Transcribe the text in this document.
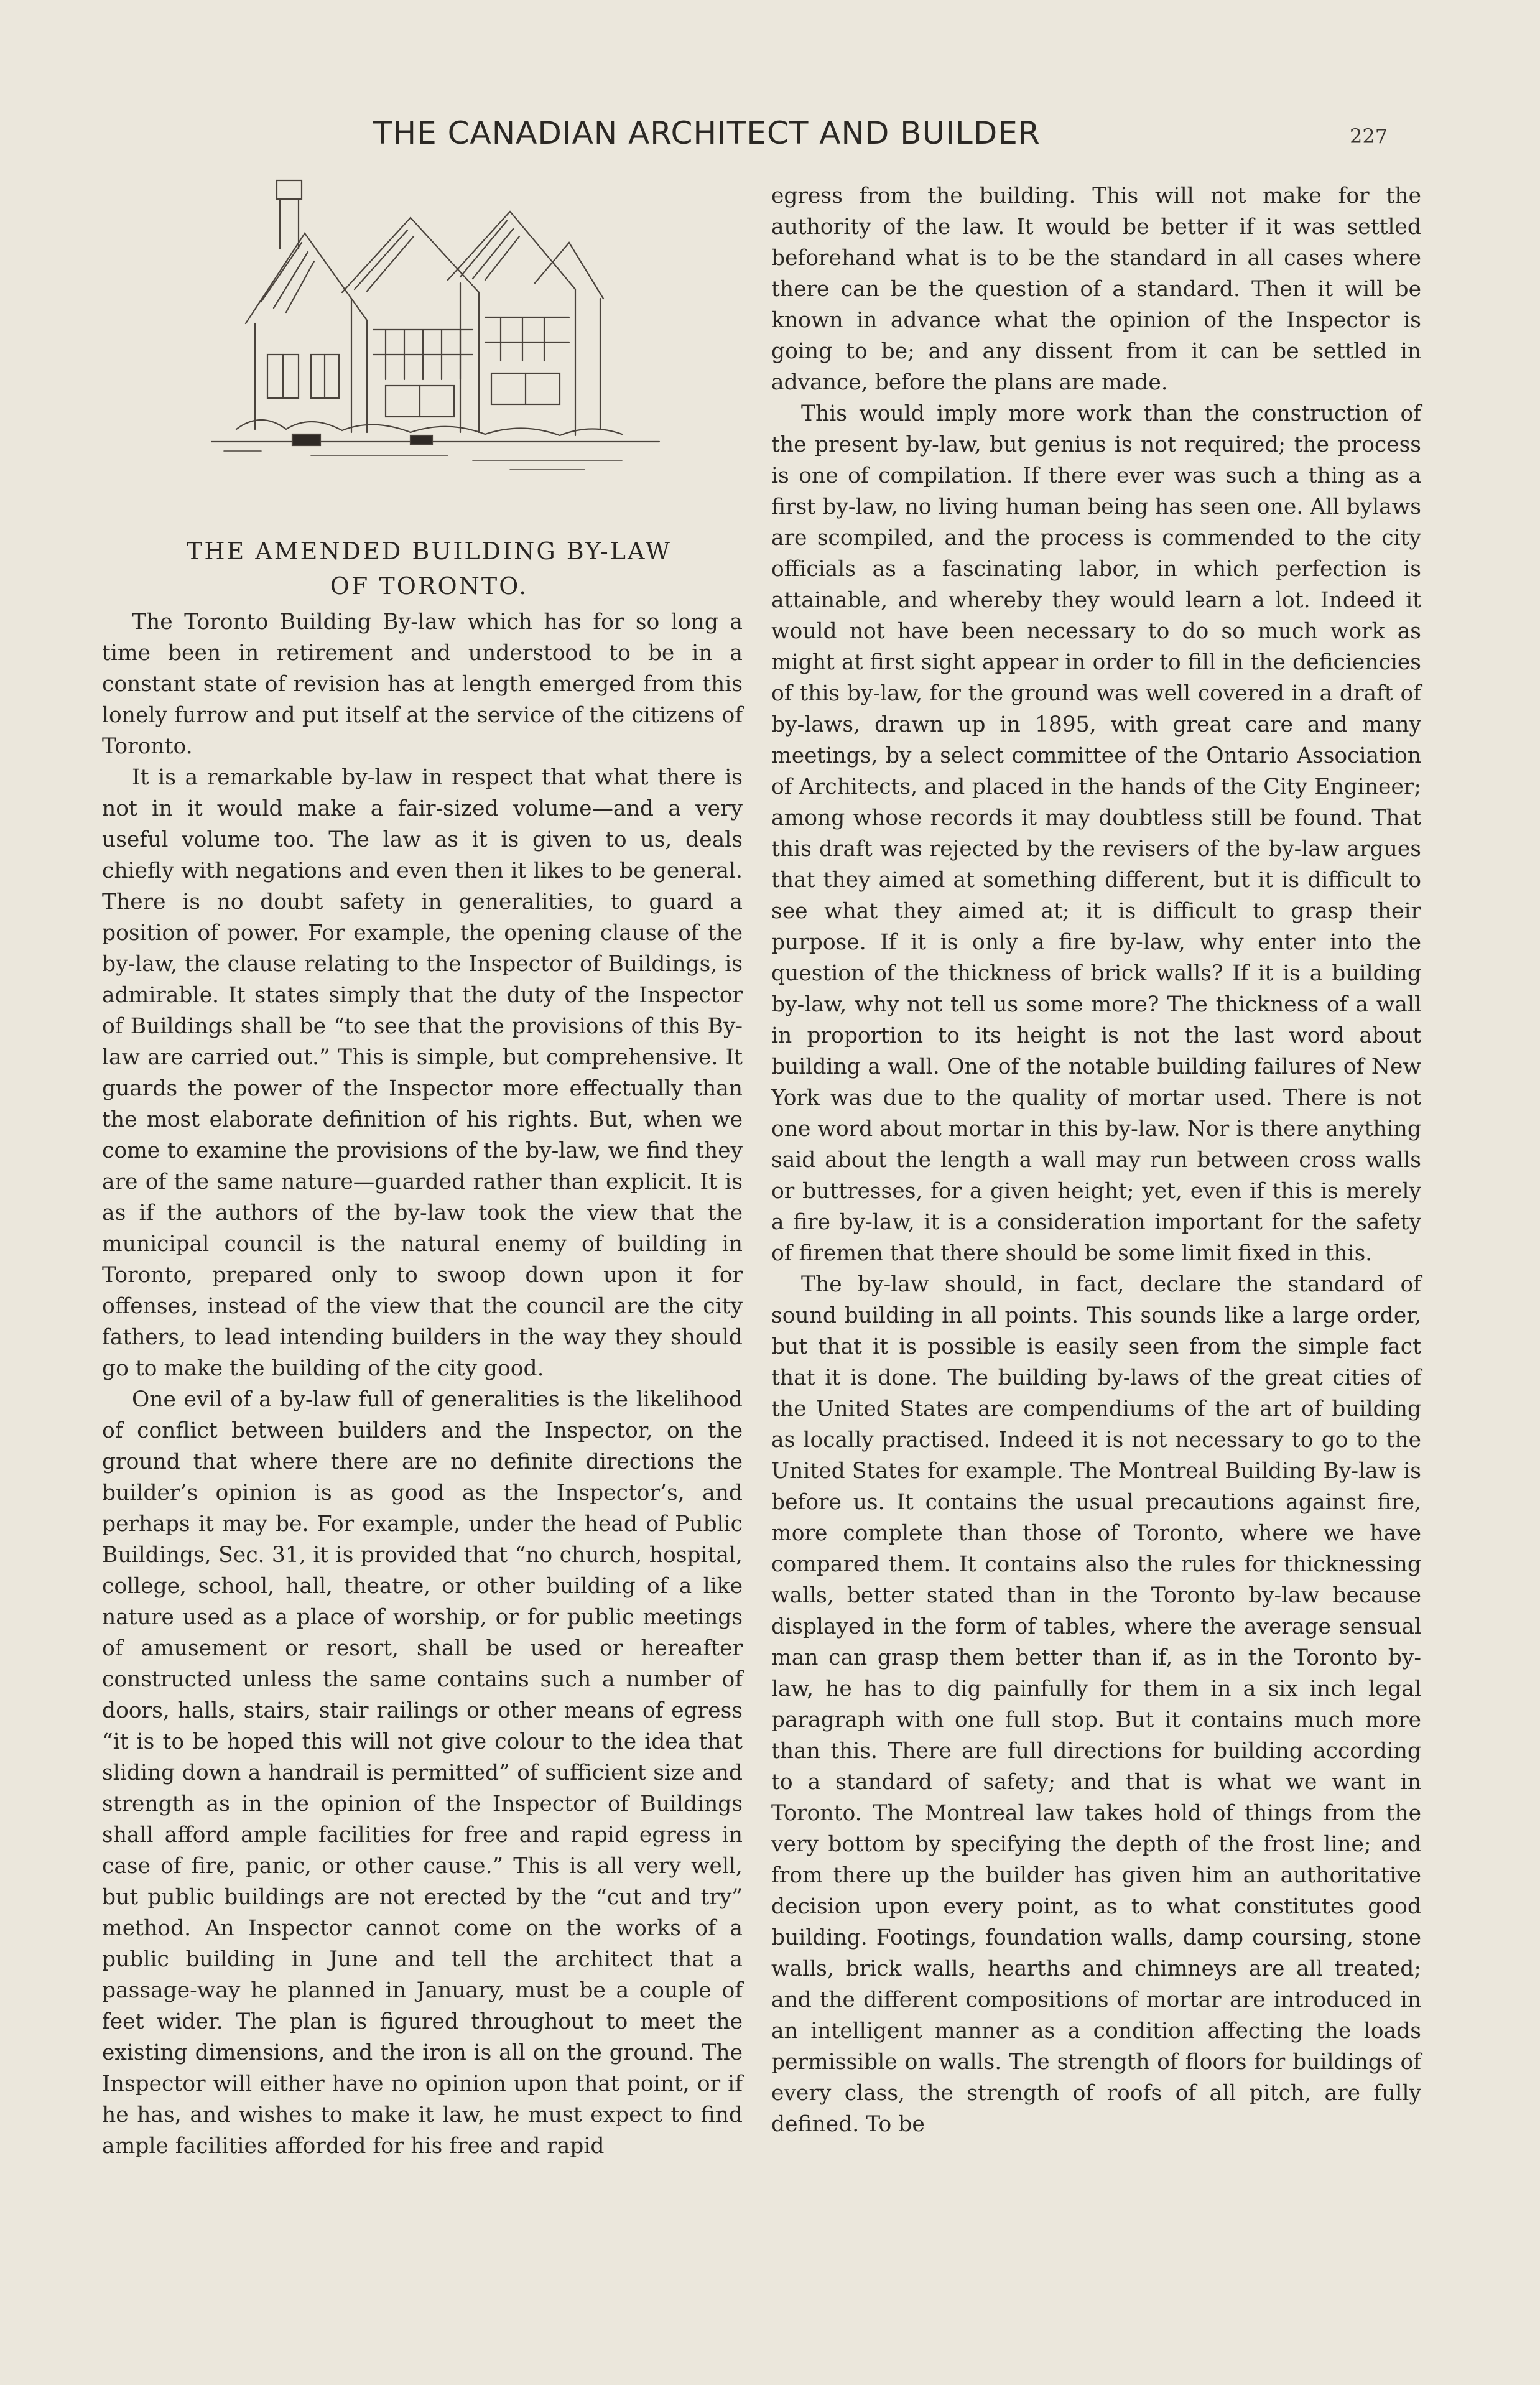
THE CANADIAN ARCHITECT AND BUILDER	227
THE AMENDED BUILDING BY-LAW
OF TORONTO.

The Toronto Building By-law which has for so long a time been in retirement and understood to be in a constant state of revision has at length emerged from this lonely furrow and put itself at the service of the citizens of Toronto.

It is a remarkable by-law in respect that what there is not in it would make a fair-sized volume—and a very useful volume too. The law as it is given to us, deals chiefly with negations and even then it likes to be general. There is no doubt safety in generalities, to guard a position of power. For example, the opening clause of the by-law, the clause relating to the Inspector of Buildings, is admirable. It states simply that the duty of the Inspector of Buildings shall be “to see that the provisions of this By-law are carried out.” This is simple, but comprehensive. It guards the power of the Inspector more effectually than the most elaborate definition of his rights. But, when we come to examine the provisions of the by-law, we find they are of the same nature—guarded rather than explicit. It is as if the authors of the by-law took the view that the municipal council is the natural enemy of building in Toronto, prepared only to swoop down upon it for offenses, instead of the view that the council are the city fathers, to lead intending builders in the way they should go to make the building of the city good.

One evil of a by-law full of generalities is the likelihood of conflict between builders and the Inspector, on the ground that where there are no definite directions the builder’s opinion is as good as the Inspector’s, and perhaps it may be. For example, under the head of Public Buildings, Sec. 31, it is provided that “no church, hospital, college, school, hall, theatre, or other building of a like nature used as a place of worship, or for public meetings of amusement or resort, shall be used or hereafter constructed unless the same contains such a number of doors, halls, stairs, stair railings or other means of egress “it is to be hoped this will not give colour to the idea that sliding down a handrail is permitted” of sufficient size and strength as in the opinion of the Inspector of Buildings shall afford ample facilities for free and rapid egress in case of fire, panic, or other cause.” This is all very well, but public buildings are not erected by the “cut and try” method. An Inspector cannot come on the works of a public building in June and tell the architect that a passage-way he planned in January, must be a couple of feet wider. The plan is figured throughout to meet the existing dimensions, and the iron is all on the ground. The Inspector will either have no opinion upon that point, or if he has, and wishes to make it law, he must expect to find ample facilities afforded for his free and rapid

egress from the building. This will not make for the authority of the law. It would be better if it was settled beforehand what is to be the standard in all cases where there can be the question of a standard. Then it will be known in advance what the opinion of the Inspector is going to be; and any dissent from it can be settled in advance, before the plans are made.

This would imply more work than the construction of the present by-law, but genius is not required; the process is one of compilation. If there ever was such a thing as a first by-law, no living human being has seen one. All bylaws are scompiled, and the process is commended to the city officials as a fascinating labor, in which perfection is attainable, and whereby they would learn a lot. Indeed it would not have been necessary to do so much work as might at first sight appear in order to fill in the deficiencies of this by-law, for the ground was well covered in a draft of by-laws, drawn up in 1895, with great care and many meetings, by a select committee of the Ontario Association of Architects, and placed in the hands of the City Engineer; among whose records it may doubtless still be found. That this draft was rejected by the revisers of the by-law argues that they aimed at something different, but it is difficult to see what they aimed at; it is difficult to grasp their purpose. If it is only a fire by-law, why enter into the question of the thickness of brick walls? If it is a building by-law, why not tell us some more? The thickness of a wall in proportion to its height is not the last word about building a wall. One of the notable building failures of New York was due to the quality of mortar used. There is not one word about mortar in this by-law. Nor is there anything said about the length a wall may run between cross walls or buttresses, for a given height; yet, even if this is merely a fire by-law, it is a consideration important for the safety of firemen that there should be some limit fixed in this.

The by-law should, in fact, declare the standard of sound building in all points. This sounds like a large order, but that it is possible is easily seen from the simple fact that it is done. The building by-laws of the great cities of the United States are compendiums of the art of building as locally practised. Indeed it is not necessary to go to the United States for example. The Montreal Building By-law is before us. It contains the usual precautions against fire, more complete than those of Toronto, where we have compared them. It contains also the rules for thicknessing walls, better stated than in the Toronto by-law because displayed in the form of tables, where the average sensual man can grasp them better than if, as in the Toronto by-law, he has to dig painfully for them in a six inch legal paragraph with one full stop. But it contains much more than this. There are full directions for building according to a standard of safety; and that is what we want in Toronto. The Montreal law takes hold of things from the very bottom by specifying the depth of the frost line; and from there up the builder has given him an authoritative decision upon every point, as to what constitutes good building. Footings, foundation walls, damp coursing, stone walls, brick walls, hearths and chimneys are all treated; and the different compositions of mortar are introduced in an intelligent manner as a condition affecting the loads permissible on walls. The strength of floors for buildings of every class, the strength of roofs of all pitch, are fully defined. To be
